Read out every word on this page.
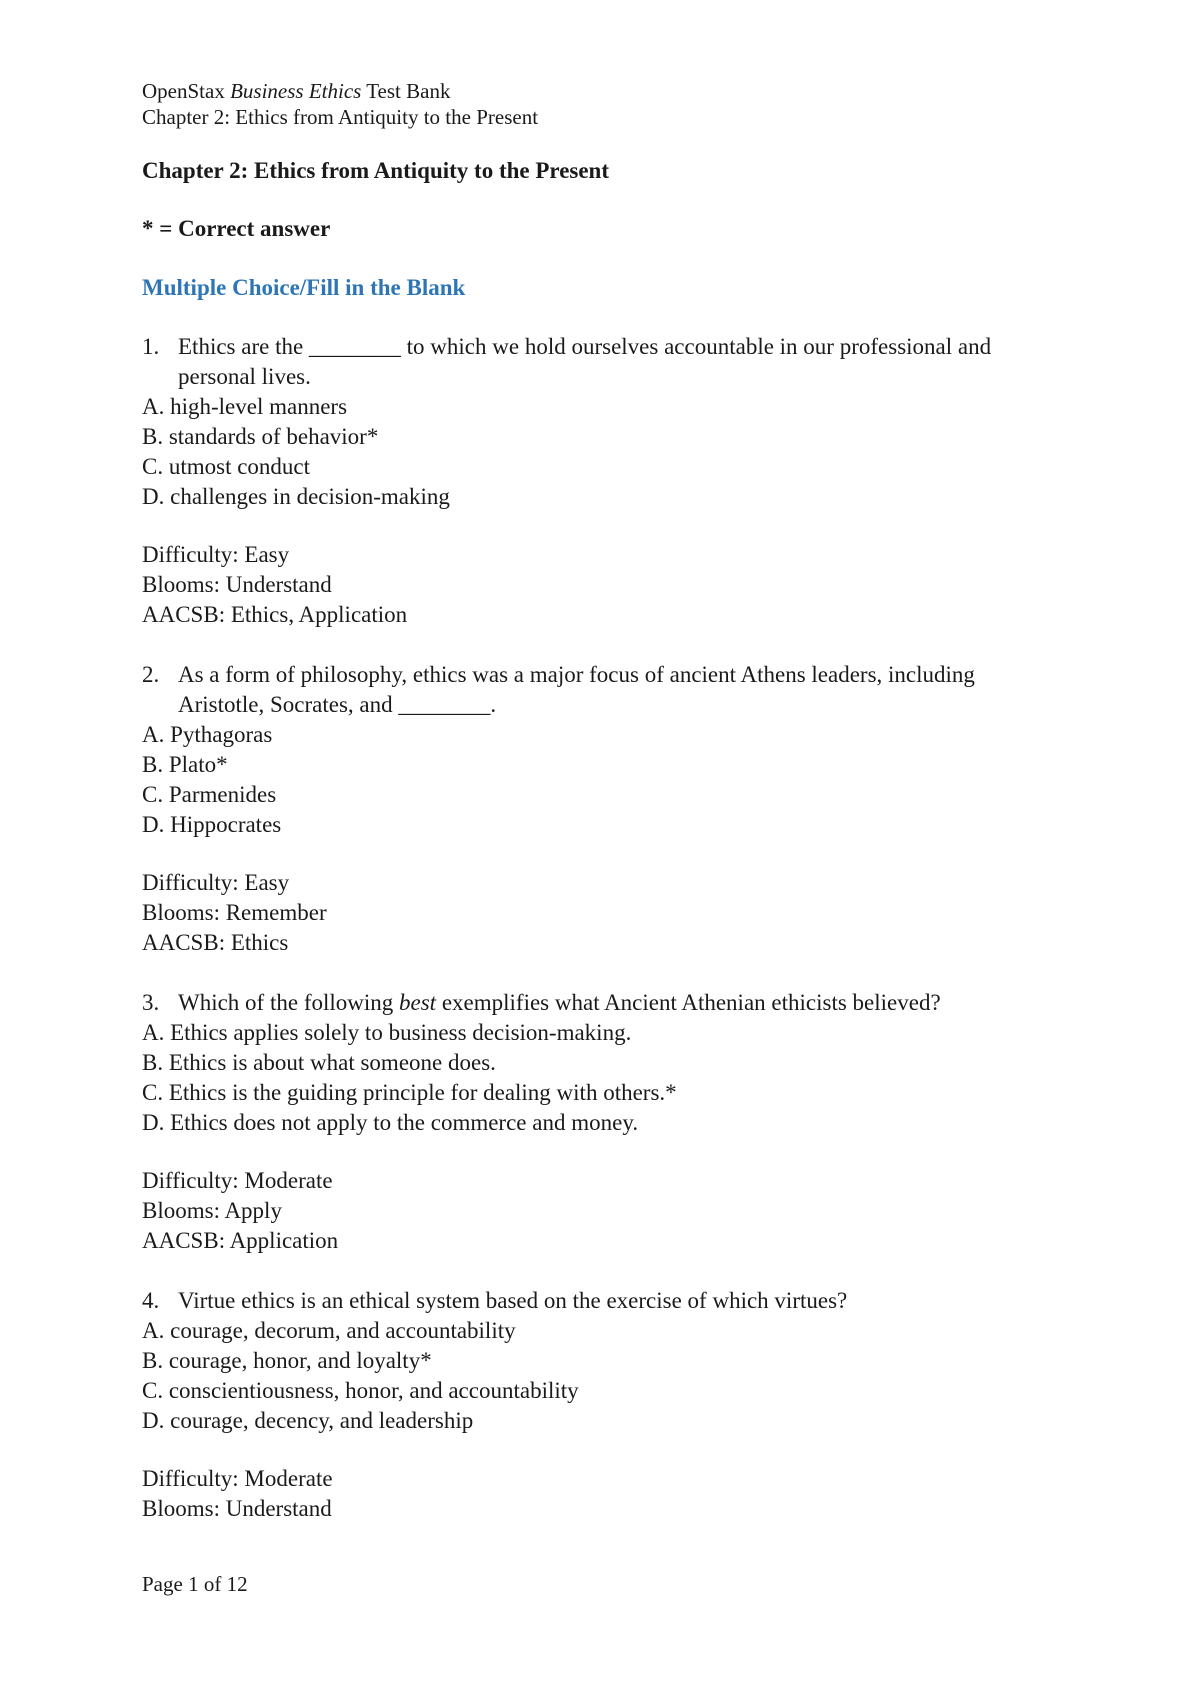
OpenStax Business Ethics Test Bank
Chapter 2: Ethics from Antiquity to the Present
Chapter 2: Ethics from Antiquity to the Present
* = Correct answer
Multiple Choice/Fill in the Blank
1. Ethics are the ________ to which we hold ourselves accountable in our professional and personal lives.
A. high-level manners
B. standards of behavior*
C. utmost conduct
D. challenges in decision-making
Difficulty: Easy
Blooms: Understand
AACSB: Ethics, Application
2. As a form of philosophy, ethics was a major focus of ancient Athens leaders, including Aristotle, Socrates, and ________.
A. Pythagoras
B. Plato*
C. Parmenides
D. Hippocrates
Difficulty: Easy
Blooms: Remember
AACSB: Ethics
3. Which of the following best exemplifies what Ancient Athenian ethicists believed?
A. Ethics applies solely to business decision-making.
B. Ethics is about what someone does.
C. Ethics is the guiding principle for dealing with others.*
D. Ethics does not apply to the commerce and money.
Difficulty: Moderate
Blooms: Apply
AACSB: Application
4. Virtue ethics is an ethical system based on the exercise of which virtues?
A. courage, decorum, and accountability
B. courage, honor, and loyalty*
C. conscientiousness, honor, and accountability
D. courage, decency, and leadership
Difficulty: Moderate
Blooms: Understand
Page 1 of 12
